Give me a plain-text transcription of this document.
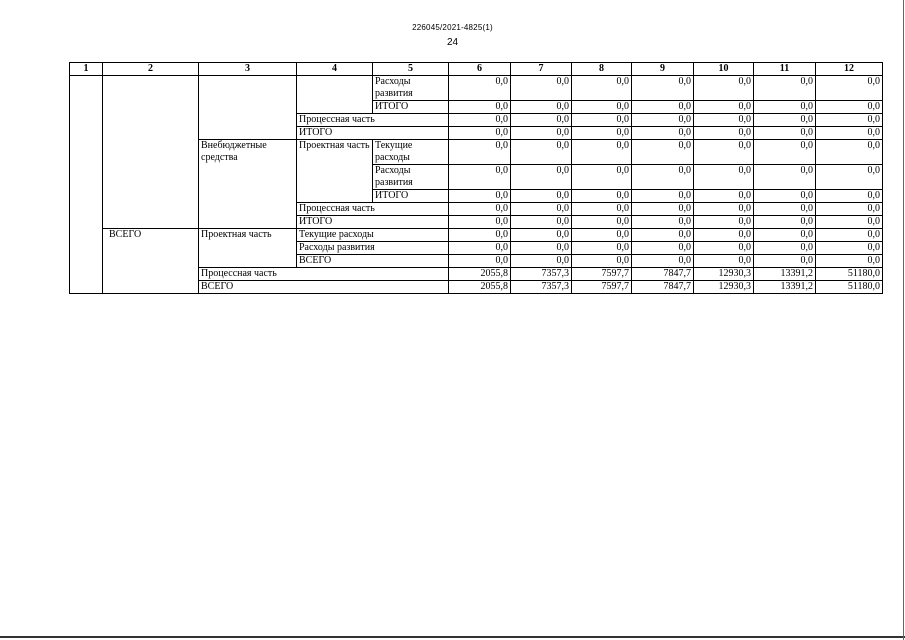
226045/2021-4825(1)
24
1	2	3	4	5	6	7	8	9	10	11	12
				Расходы развития	0,0	0,0	0,0	0,0	0,0	0,0	0,0
				ИТОГО	0,0	0,0	0,0	0,0	0,0	0,0	0,0
			Процессная часть		0,0	0,0	0,0	0,0	0,0	0,0	0,0
			ИТОГО		0,0	0,0	0,0	0,0	0,0	0,0	0,0
		Внебюджетные средства	Проектная часть	Текущие расходы	0,0	0,0	0,0	0,0	0,0	0,0	0,0
				Расходы развития	0,0	0,0	0,0	0,0	0,0	0,0	0,0
				ИТОГО	0,0	0,0	0,0	0,0	0,0	0,0	0,0
			Процессная часть		0,0	0,0	0,0	0,0	0,0	0,0	0,0
			ИТОГО		0,0	0,0	0,0	0,0	0,0	0,0	0,0
	ВСЕГО	Проектная часть	Текущие расходы		0,0	0,0	0,0	0,0	0,0	0,0	0,0
			Расходы развития		0,0	0,0	0,0	0,0	0,0	0,0	0,0
			ВСЕГО		0,0	0,0	0,0	0,0	0,0	0,0	0,0
		Процессная часть			2055,8	7357,3	7597,7	7847,7	12930,3	13391,2	51180,0
		ВСЕГО			2055,8	7357,3	7597,7	7847,7	12930,3	13391,2	51180,0
